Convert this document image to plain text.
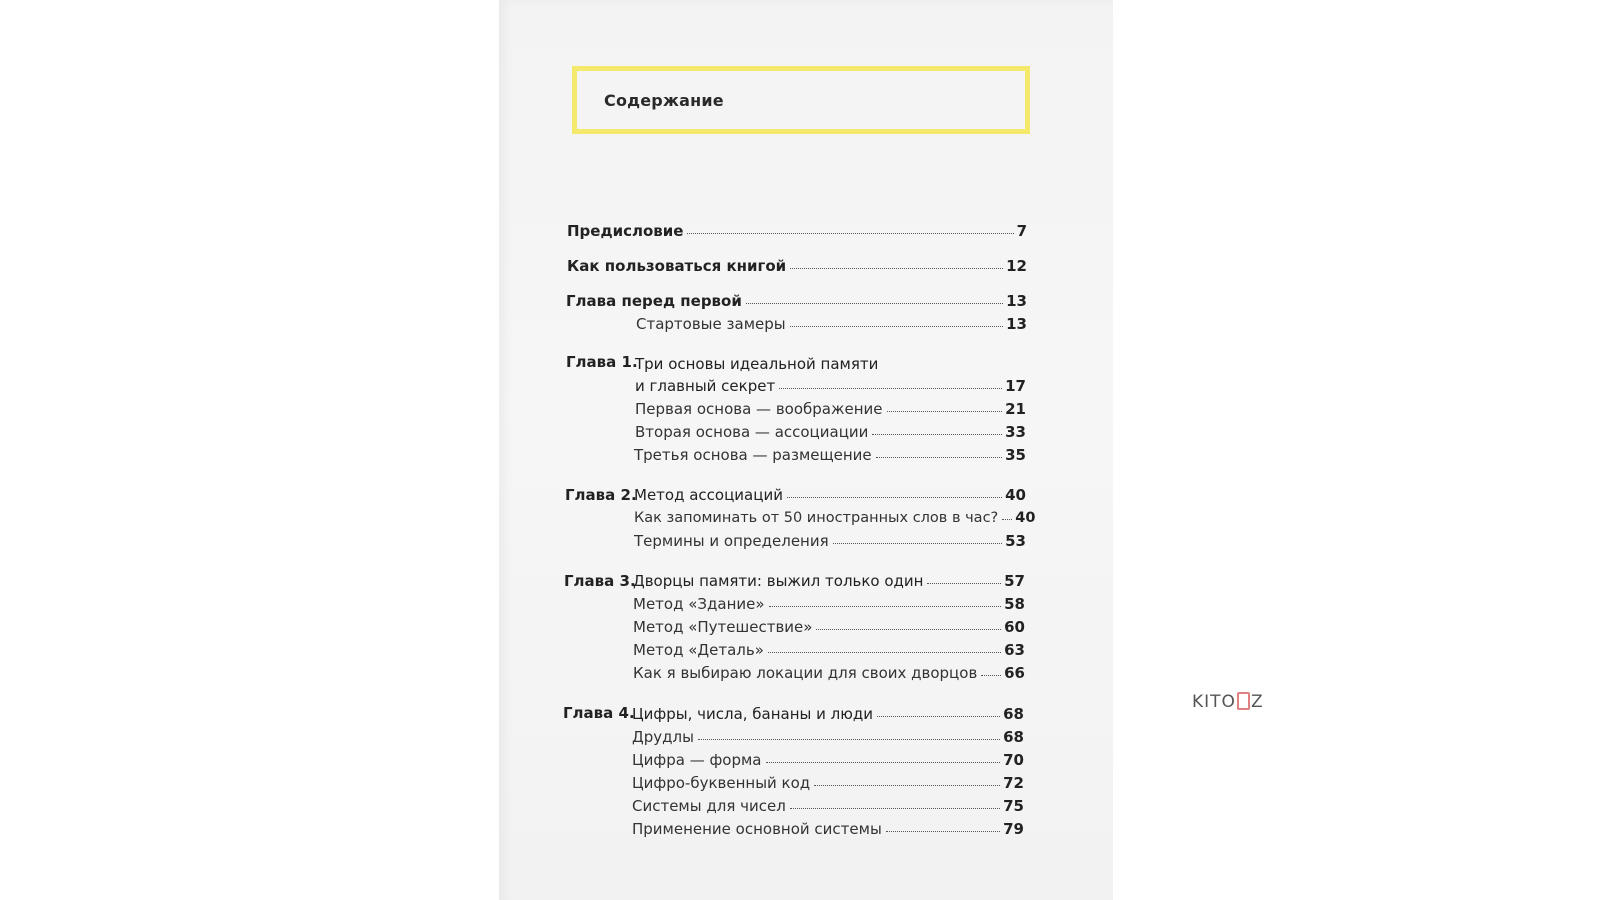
Содержание
Предисловие	7
Как пользоваться книгой	12
Глава перед первой	13
Стартовые замеры	13
Глава 1.
Три основы идеальной памяти
и главный секрет	17
Первая основа — воображение	21
Вторая основа — ассоциации	33
Третья основа — размещение	35
Глава 2.
Метод ассоциаций	40
Как запоминать от 50 иностранных слов в час? 40
Термины и определения	53
Глава 3.
Дворцы памяти: выжил только один	57
Метод «Здание»	58
Метод «Путешествие»	60
Метод «Деталь»	63
Как я выбираю локации для своих дворцов 66
Глава 4.
Цифры, числа, бананы и люди	68
Друдлы	68
Цифра — форма	70
Цифро-буквенный код	72
Системы для чисел	75
Применение основной системы	79
KITO Z
